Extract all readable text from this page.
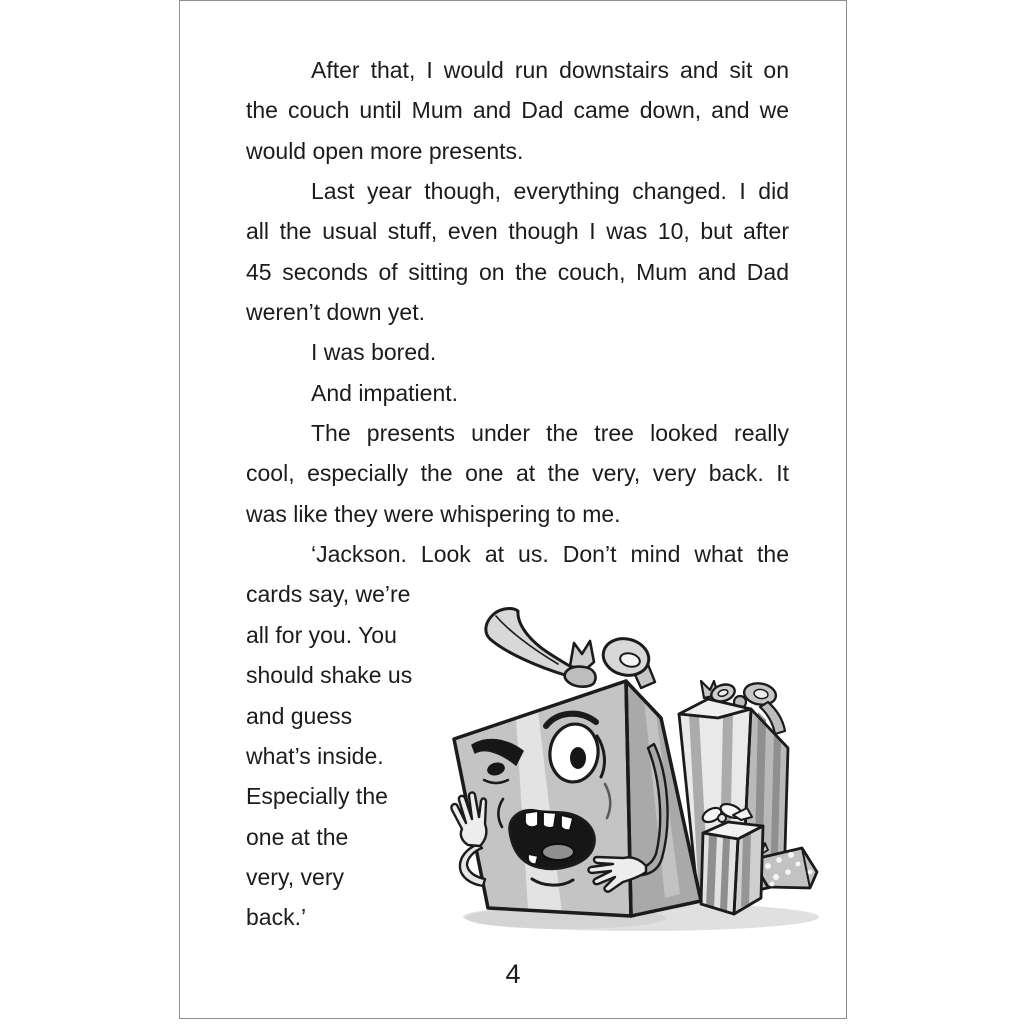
After that, I would run downstairs and sit on
the couch until Mum and Dad came down, and we
would open more presents.
Last year though, everything changed. I did
all the usual stuff, even though I was 10, but after
45 seconds of sitting on the couch, Mum and Dad
weren’t down yet.
I was bored.
And impatient.
The presents under the tree looked really
cool, especially the one at the very, very back. It
was like they were whispering to me.
‘Jackson. Look at us. Don’t mind what the
cards say, we’re
all for you. You
should shake us
and guess
what’s inside.
Especially the
one at the
very, very
back.’
4
